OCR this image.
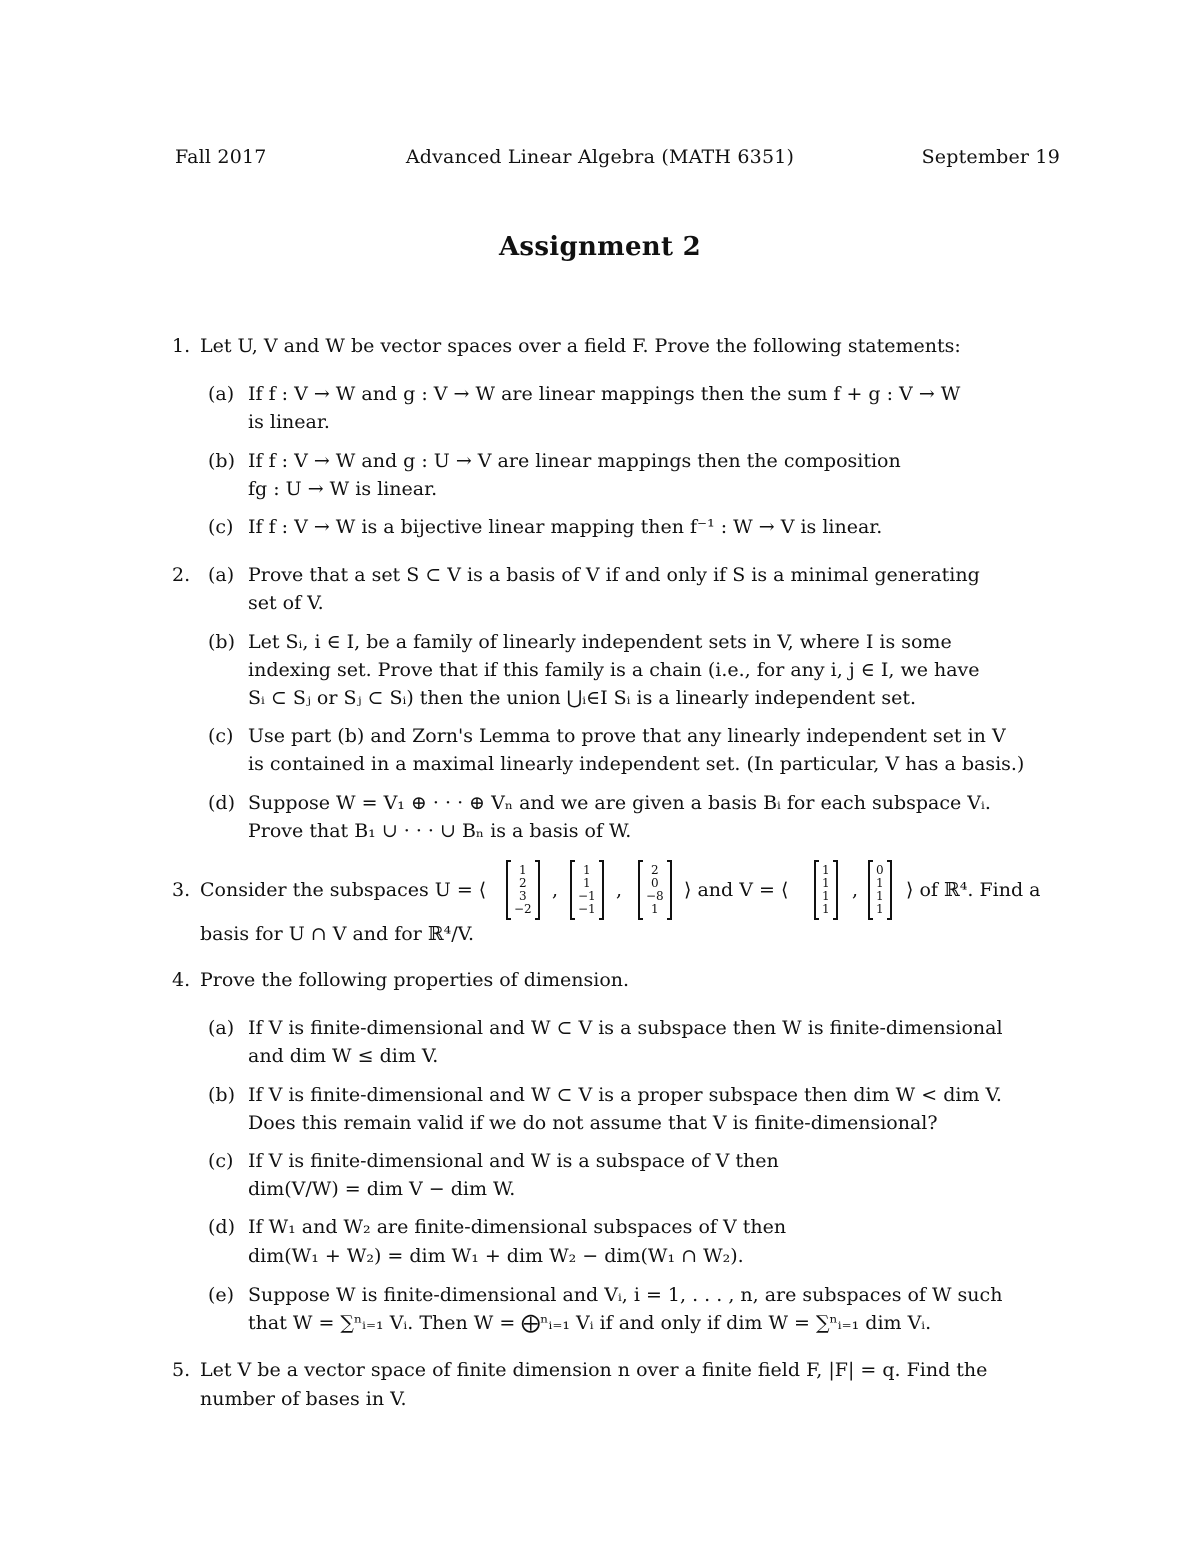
Fall 2017	Advanced Linear Algebra (MATH 6351)	September 19
Assignment 2
1. Let U, V and W be vector spaces over a field F. Prove the following statements:
(a) If f : V → W and g : V → W are linear mappings then the sum f + g : V → W
is linear.
(b) If f : V → W and g : U → V are linear mappings then the composition
fg : U → W is linear.
(c) If f : V → W is a bijective linear mapping then f⁻¹ : W → V is linear.
2. (a) Prove that a set S ⊂ V is a basis of V if and only if S is a minimal generating
set of V.
(b) Let Sᵢ, i ∈ I, be a family of linearly independent sets in V, where I is some
indexing set. Prove that if this family is a chain (i.e., for any i, j ∈ I, we have
Sᵢ ⊂ Sⱼ or Sⱼ ⊂ Sᵢ) then the union ⋃ᵢ∈I Sᵢ is a linearly independent set.
(c) Use part (b) and Zorn's Lemma to prove that any linearly independent set in V
is contained in a maximal linearly independent set. (In particular, V has a basis.)
(d) Suppose W = V₁ ⊕ · · · ⊕ Vₙ and we are given a basis Bᵢ for each subspace Vᵢ.
Prove that B₁ ∪ · · · ∪ Bₙ is a basis of W.
3. Consider the subspaces U = ⟨
1
2
3
−2
,
1
1
−1
−1
,
2
0
−8
1
⟩ and V = ⟨
1
1
1
1
,
0
1
1
1
⟩ of ℝ⁴. Find a
basis for U ∩ V and for ℝ⁴/V.
4. Prove the following properties of dimension.
(a) If V is finite-dimensional and W ⊂ V is a subspace then W is finite-dimensional
and dim W ≤ dim V.
(b) If V is finite-dimensional and W ⊂ V is a proper subspace then dim W < dim V.
Does this remain valid if we do not assume that V is finite-dimensional?
(c) If V is finite-dimensional and W is a subspace of V then
dim(V/W) = dim V − dim W.
(d) If W₁ and W₂ are finite-dimensional subspaces of V then
dim(W₁ + W₂) = dim W₁ + dim W₂ − dim(W₁ ∩ W₂).
(e) Suppose W is finite-dimensional and Vᵢ, i = 1, . . . , n, are subspaces of W such
that W = ∑ⁿᵢ₌₁ Vᵢ. Then W = ⨁ⁿᵢ₌₁ Vᵢ if and only if dim W = ∑ⁿᵢ₌₁ dim Vᵢ.
5. Let V be a vector space of finite dimension n over a finite field F, |F| = q. Find the
number of bases in V.
